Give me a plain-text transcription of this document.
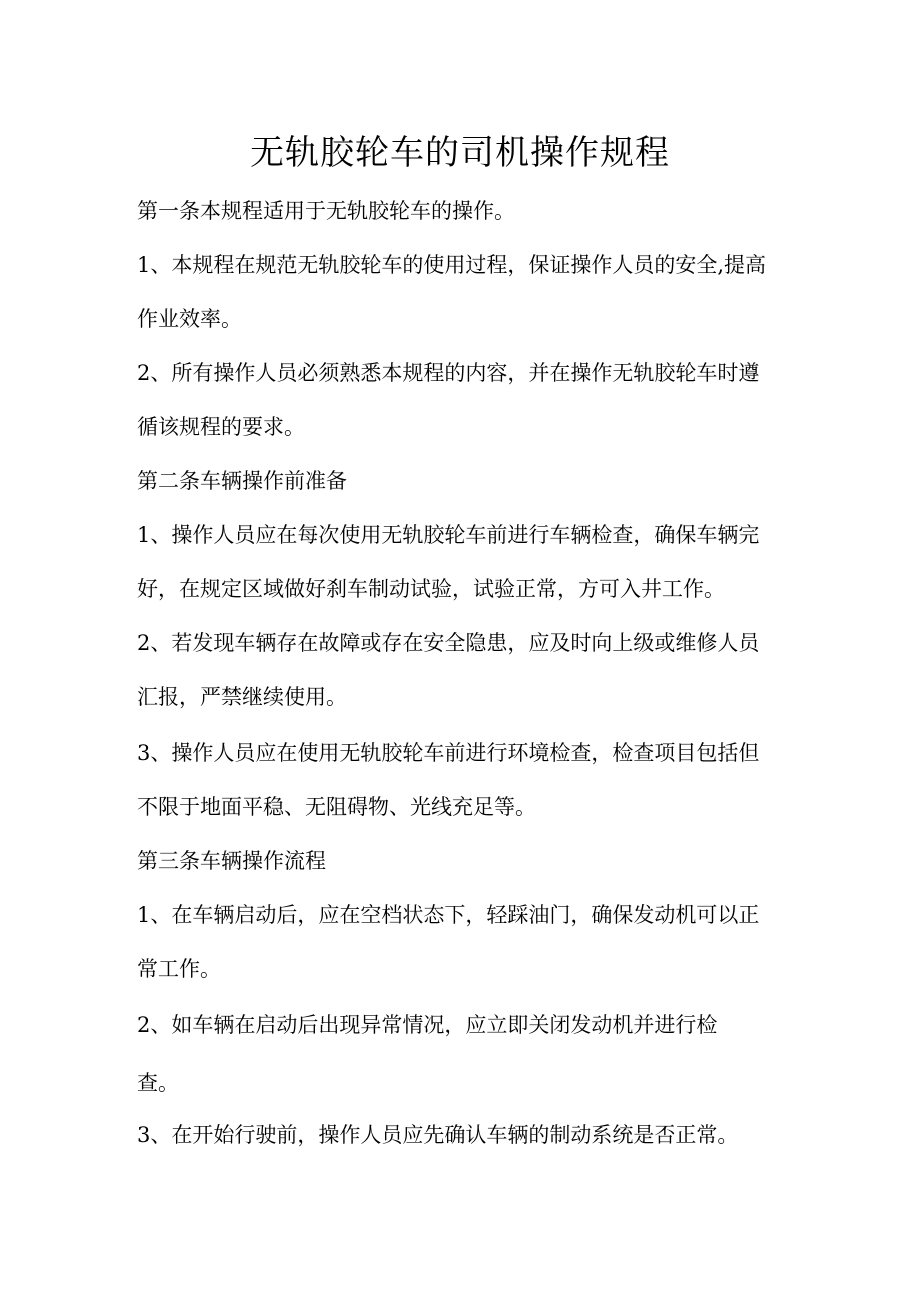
无轨胶轮车的司机操作规程

第一条本规程适用于无轨胶轮车的操作。

1、本规程在规范无轨胶轮车的使用过程，保证操作人员的安全,提高

作业效率。

2、所有操作人员必须熟悉本规程的内容，并在操作无轨胶轮车时遵

循该规程的要求。

第二条车辆操作前准备

1、操作人员应在每次使用无轨胶轮车前进行车辆检查，确保车辆完

好，在规定区域做好刹车制动试验，试验正常，方可入井工作。

2、若发现车辆存在故障或存在安全隐患，应及时向上级或维修人员

汇报，严禁继续使用。

3、操作人员应在使用无轨胶轮车前进行环境检查，检查项目包括但

不限于地面平稳、无阻碍物、光线充足等。

第三条车辆操作流程

1、在车辆启动后，应在空档状态下，轻踩油门，确保发动机可以正

常工作。

2、如车辆在启动后出现异常情况，应立即关闭发动机并进行检

查。

3、在开始行驶前，操作人员应先确认车辆的制动系统是否正常。
